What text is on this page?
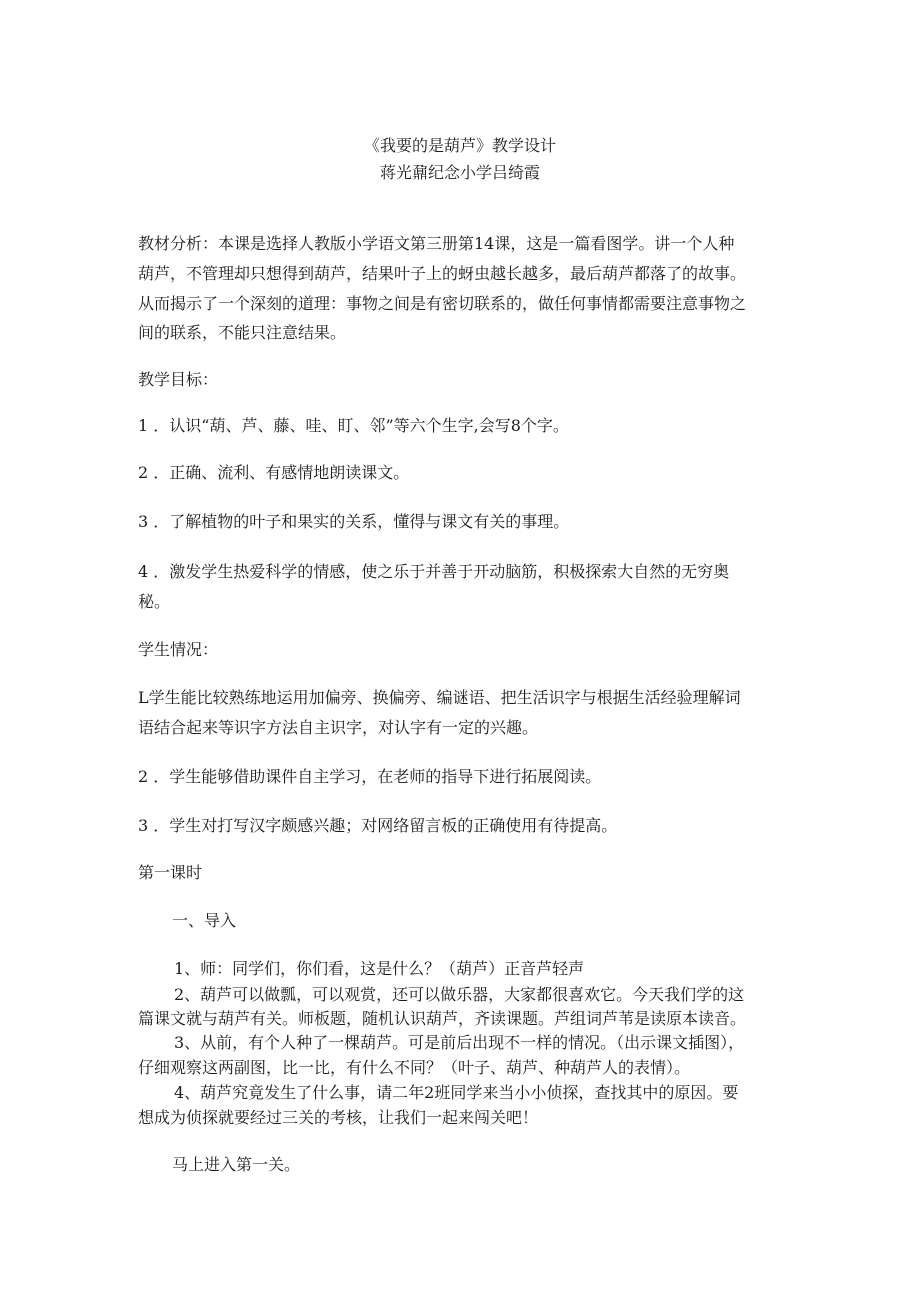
《我要的是葫芦》教学设计
蒋光鼐纪念小学吕绮霞
教材分析：本课是选择人教版小学语文第三册第14课，这是一篇看图学。讲一个人种
葫芦，不管理却只想得到葫芦，结果叶子上的蚜虫越长越多，最后葫芦都落了的故事。
从而揭示了一个深刻的道理：事物之间是有密切联系的，做任何事情都需要注意事物之
间的联系，不能只注意结果。
教学目标：
1 ．认识“葫、芦、藤、哇、盯、邻”等六个生字,会写8个字。
2 ．正确、流利、有感情地朗读课文。
3 ．了解植物的叶子和果实的关系，懂得与课文有关的事理。
4 ．激发学生热爱科学的情感，使之乐于并善于开动脑筋，积极探索大自然的无穷奥
秘。
学生情况：
L学生能比较熟练地运用加偏旁、换偏旁、编谜语、把生活识字与根据生活经验理解词
语结合起来等识字方法自主识字，对认字有一定的兴趣。
2 ．学生能够借助课件自主学习，在老师的指导下进行拓展阅读。
3 ．学生对打写汉字颇感兴趣；对网络留言板的正确使用有待提高。
第一课时
一、导入
1、师：同学们，你们看，这是什么？（葫芦）正音芦轻声
2、葫芦可以做瓢，可以观赏，还可以做乐器，大家都很喜欢它。今天我们学的这
篇课文就与葫芦有关。师板题，随机认识葫芦，齐读课题。芦组词芦苇是读原本读音。
3、从前，有个人种了一棵葫芦。可是前后出现不一样的情况。（出示课文插图），
仔细观察这两副图，比一比，有什么不同？（叶子、葫芦、种葫芦人的表情）。
4、葫芦究竟发生了什么事，请二年2班同学来当小小侦探，查找其中的原因。要
想成为侦探就要经过三关的考核，让我们一起来闯关吧！
马上进入第一关。
